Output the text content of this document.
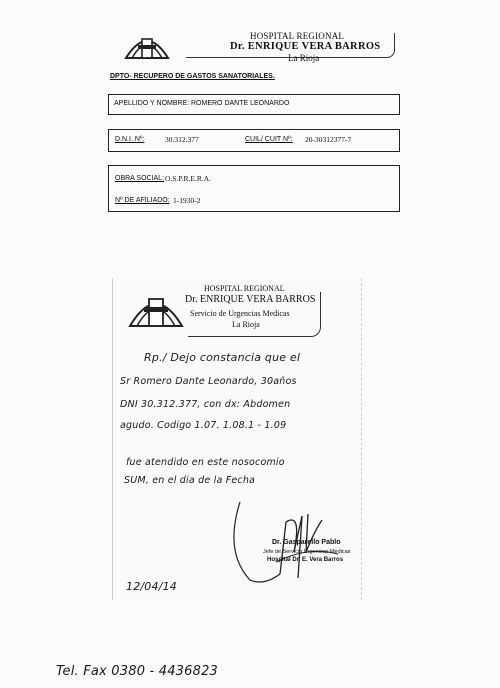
HOSPITAL REGIONAL
Dr. ENRIQUE VERA BARROS
La Rioja
DPTO- RECUPERO DE GASTOS SANATORIALES.
APELLIDO Y NOMBRE: ROMERO DANTE LEONARDO
D.N.I. Nº:	30.312.377	CUIL/ CUIT Nº: 20-30312377-7
OBRA SOCIAL: O.S.P.R.E.R.A.
Nº DE AFILIADO: 1-1930-2
HOSPITAL REGIONAL
Dr. ENRIQUE VERA BARROS
Servicio de Urgencias Medicas
La Rioja
Rp./ Dejo constancia que el
Sr Romero Dante Leonardo, 30años
DNI 30.312.377, con dx: Abdomen
agudo. Codigo 1.07. 1.08.1 - 1.09
fue atendido en este nosocomio
SUM, en el dia de la Fecha
Dr. Gasparello Pablo
Jefe de Servicio Urgencias Medicas
Hospital Dr. E. Vera Barros
12/04/14
Tel. Fax 0380 - 4436823
